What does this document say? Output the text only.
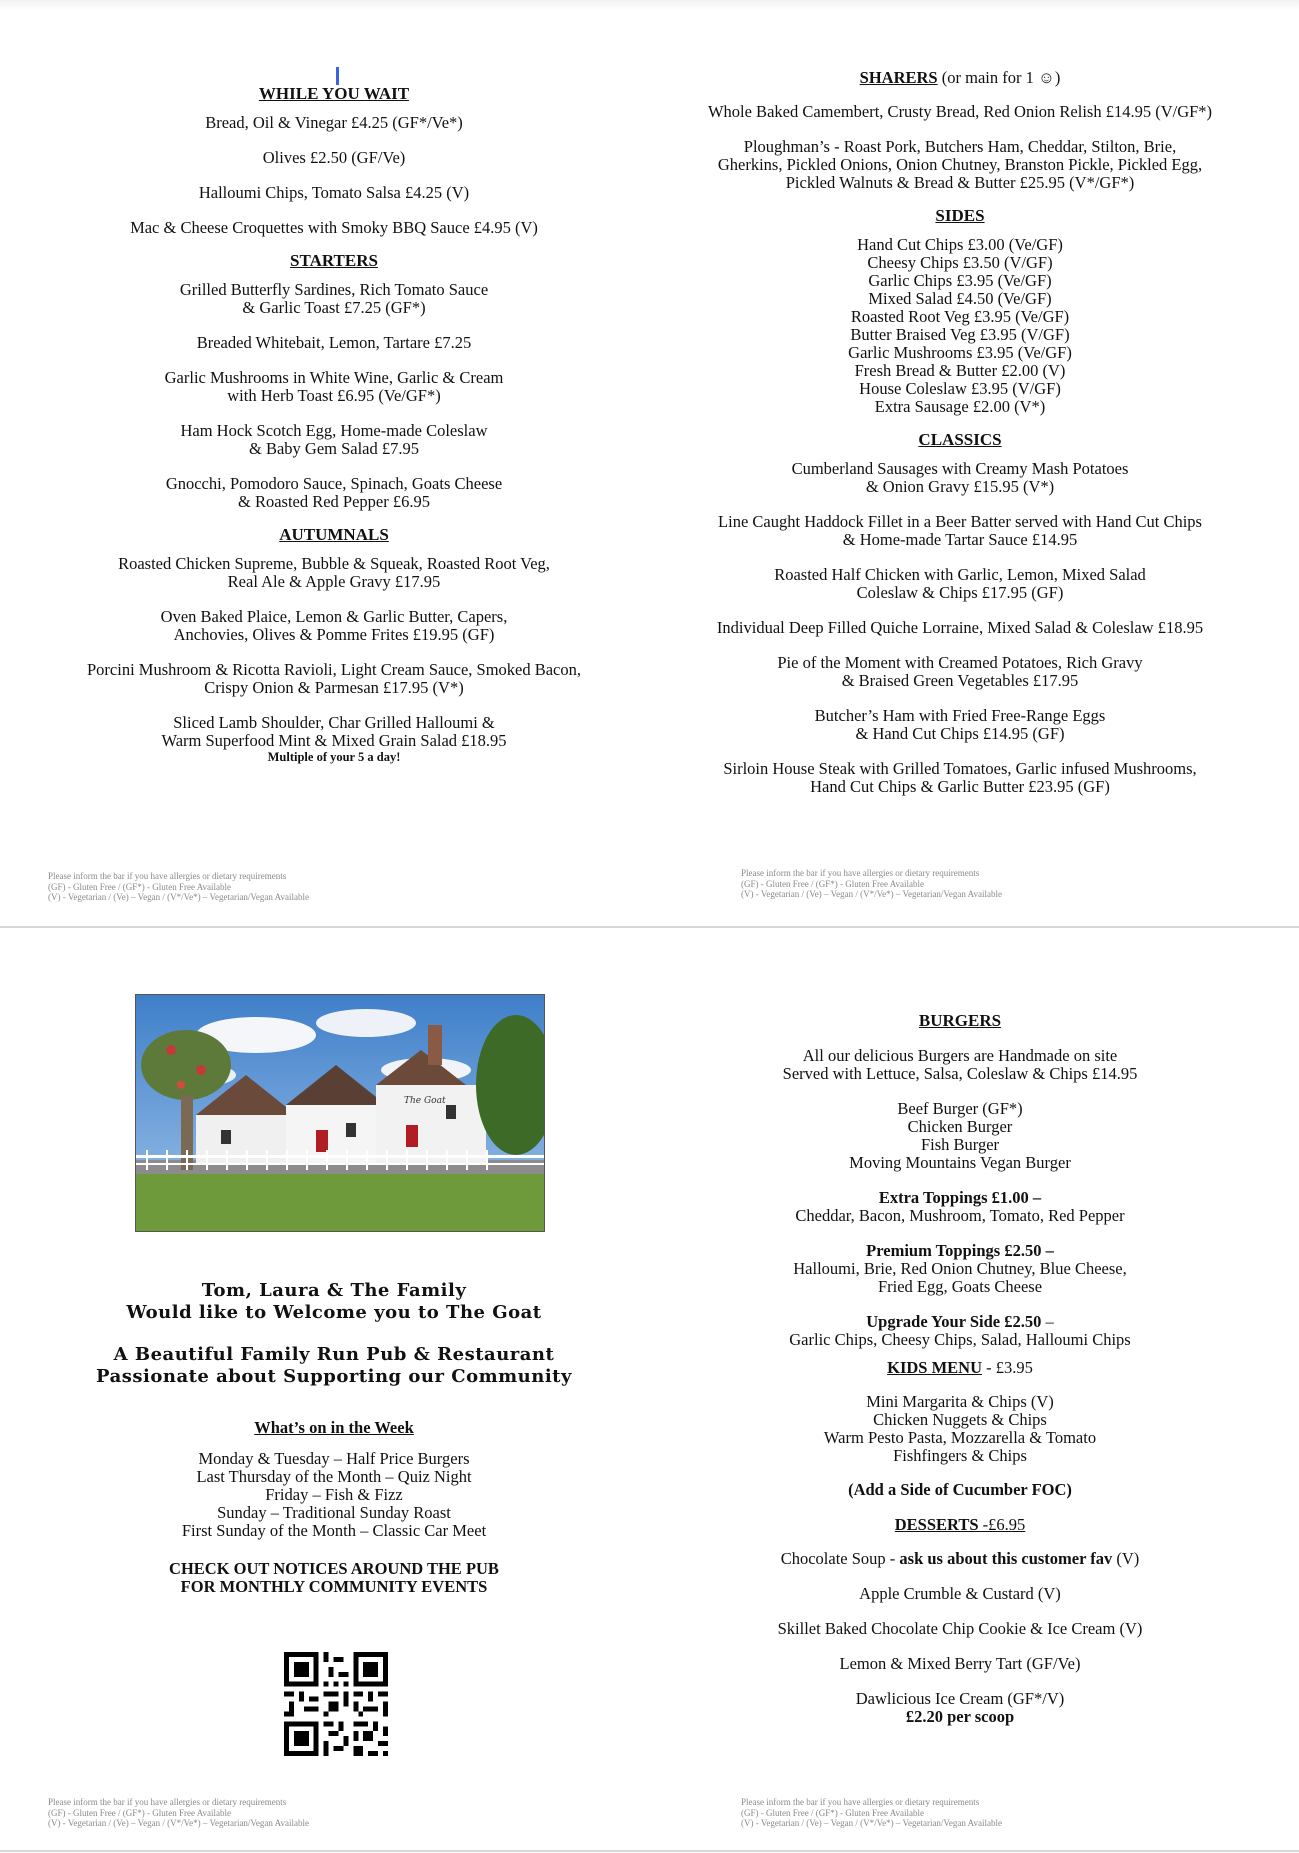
WHILE YOU WAIT
Bread, Oil & Vinegar £4.25 (GF*/Ve*)
Olives £2.50 (GF/Ve)
Halloumi Chips, Tomato Salsa £4.25 (V)
Mac & Cheese Croquettes with Smoky BBQ Sauce £4.95 (V)
STARTERS
Grilled Butterfly Sardines, Rich Tomato Sauce
& Garlic Toast £7.25 (GF*)
Breaded Whitebait, Lemon, Tartare £7.25
Garlic Mushrooms in White Wine, Garlic & Cream
with Herb Toast £6.95 (Ve/GF*)
Ham Hock Scotch Egg, Home-made Coleslaw
& Baby Gem Salad £7.95
Gnocchi, Pomodoro Sauce, Spinach, Goats Cheese
& Roasted Red Pepper £6.95
AUTUMNALS
Roasted Chicken Supreme, Bubble & Squeak, Roasted Root Veg,
Real Ale & Apple Gravy £17.95
Oven Baked Plaice, Lemon & Garlic Butter, Capers,
Anchovies, Olives & Pomme Frites £19.95 (GF)
Porcini Mushroom & Ricotta Ravioli, Light Cream Sauce, Smoked Bacon,
Crispy Onion & Parmesan £17.95 (V*)
Sliced Lamb Shoulder, Char Grilled Halloumi &
Warm Superfood Mint & Mixed Grain Salad £18.95
Multiple of your 5 a day!
Please inform the bar if you have allergies or dietary requirements
(GF) - Gluten Free / (GF*) - Gluten Free Available
(V) - Vegetarian / (Ve) – Vegan / (V*/Ve*) – Vegetarian/Vegan Available
SHARERS (or main for 1 ☺)
Whole Baked Camembert, Crusty Bread, Red Onion Relish £14.95 (V/GF*)
Ploughman’s - Roast Pork, Butchers Ham, Cheddar, Stilton, Brie,
Gherkins, Pickled Onions, Onion Chutney, Branston Pickle, Pickled Egg,
Pickled Walnuts & Bread & Butter £25.95 (V*/GF*)
SIDES
Hand Cut Chips £3.00 (Ve/GF)
Cheesy Chips £3.50 (V/GF)
Garlic Chips £3.95 (Ve/GF)
Mixed Salad £4.50 (Ve/GF)
Roasted Root Veg £3.95 (Ve/GF)
Butter Braised Veg £3.95 (V/GF)
Garlic Mushrooms £3.95 (Ve/GF)
Fresh Bread & Butter £2.00 (V)
House Coleslaw £3.95 (V/GF)
Extra Sausage £2.00 (V*)
CLASSICS
Cumberland Sausages with Creamy Mash Potatoes
& Onion Gravy £15.95 (V*)
Line Caught Haddock Fillet in a Beer Batter served with Hand Cut Chips
& Home-made Tartar Sauce £14.95
Roasted Half Chicken with Garlic, Lemon, Mixed Salad
Coleslaw & Chips £17.95 (GF)
Individual Deep Filled Quiche Lorraine, Mixed Salad & Coleslaw £18.95
Pie of the Moment with Creamed Potatoes, Rich Gravy
& Braised Green Vegetables £17.95
Butcher’s Ham with Fried Free-Range Eggs
& Hand Cut Chips £14.95 (GF)
Sirloin House Steak with Grilled Tomatoes, Garlic infused Mushrooms,
Hand Cut Chips & Garlic Butter £23.95 (GF)
Please inform the bar if you have allergies or dietary requirements
(GF) - Gluten Free / (GF*) - Gluten Free Available
(V) - Vegetarian / (Ve) – Vegan / (V*/Ve*) – Vegetarian/Vegan Available
The Goat
Tom, Laura & The Family
Would like to Welcome you to The Goat
A Beautiful Family Run Pub & Restaurant
Passionate about Supporting our Community
What’s on in the Week
Monday & Tuesday – Half Price Burgers
Last Thursday of the Month – Quiz Night
Friday – Fish & Fizz
Sunday – Traditional Sunday Roast
First Sunday of the Month – Classic Car Meet
CHECK OUT NOTICES AROUND THE PUB
FOR MONTHLY COMMUNITY EVENTS
Please inform the bar if you have allergies or dietary requirements
(GF) - Gluten Free / (GF*) - Gluten Free Available
(V) - Vegetarian / (Ve) – Vegan / (V*/Ve*) – Vegetarian/Vegan Available
BURGERS
All our delicious Burgers are Handmade on site
Served with Lettuce, Salsa, Coleslaw & Chips £14.95
Beef Burger (GF*)
Chicken Burger
Fish Burger
Moving Mountains Vegan Burger
Extra Toppings £1.00 –
Cheddar, Bacon, Mushroom, Tomato, Red Pepper
Premium Toppings £2.50 –
Halloumi, Brie, Red Onion Chutney, Blue Cheese,
Fried Egg, Goats Cheese
Upgrade Your Side £2.50 –
Garlic Chips, Cheesy Chips, Salad, Halloumi Chips
KIDS MENU - £3.95
Mini Margarita & Chips (V)
Chicken Nuggets & Chips
Warm Pesto Pasta, Mozzarella & Tomato
Fishfingers & Chips
(Add a Side of Cucumber FOC)
DESSERTS -£6.95
Chocolate Soup - ask us about this customer fav (V)
Apple Crumble & Custard (V)
Skillet Baked Chocolate Chip Cookie & Ice Cream (V)
Lemon & Mixed Berry Tart (GF/Ve)
Dawlicious Ice Cream (GF*/V)
£2.20 per scoop
Please inform the bar if you have allergies or dietary requirements
(GF) - Gluten Free / (GF*) - Gluten Free Available
(V) - Vegetarian / (Ve) – Vegan / (V*/Ve*) – Vegetarian/Vegan Available
